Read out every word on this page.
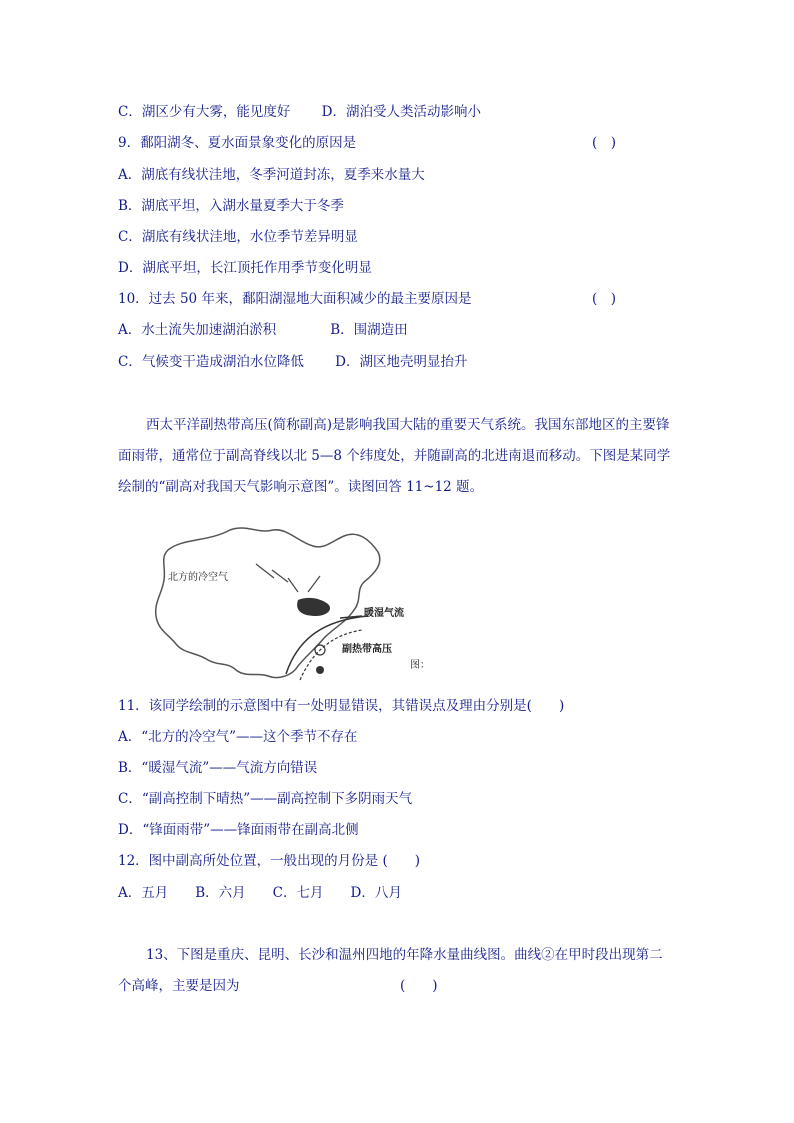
C．湖区少有大雾，能见度好　　 D．湖泊受人类活动影响小
9．鄱阳湖冬、夏水面景象变化的原因是	(　)
A．湖底有线状洼地，冬季河道封冻，夏季来水量大
B．湖底平坦，入湖水量夏季大于冬季
C．湖底有线状洼地，水位季节差异明显
D．湖底平坦，长江顶托作用季节变化明显
10．过去 50 年来，鄱阳湖湿地大面积减少的最主要原因是	(　)
A．水土流失加速湖泊淤积　　　　B．围湖造田
C．气候变干造成湖泊水位降低　　 D．湖区地壳明显抬升
西太平洋副热带高压(简称副高)是影响我国大陆的重要天气系统。我国东部地区的主要锋面雨带，通常位于副高脊线以北 5—8 个纬度处，并随副高的北进南退而移动。下图是某同学绘制的“副高对我国天气影响示意图”。读图回答 11~12 题。
北方的冷空气
暖湿气流
副热带高压
图：
11．该同学绘制的示意图中有一处明显错误，其错误点及理由分别是(　　)
A．“北方的冷空气”——这个季节不存在
B．“暖湿气流”——气流方向错误
C．“副高控制下晴热”——副高控制下多阴雨天气
D．“锋面雨带”——锋面雨带在副高北侧
12．图中副高所处位置，一般出现的月份是 (　　)
A．五月　　B．六月　　C．七月　　D．八月
13、下图是重庆、昆明、长沙和温州四地的年降水量曲线图。曲线②在甲时段出现第二
个高峰，主要是因为	(　　)
